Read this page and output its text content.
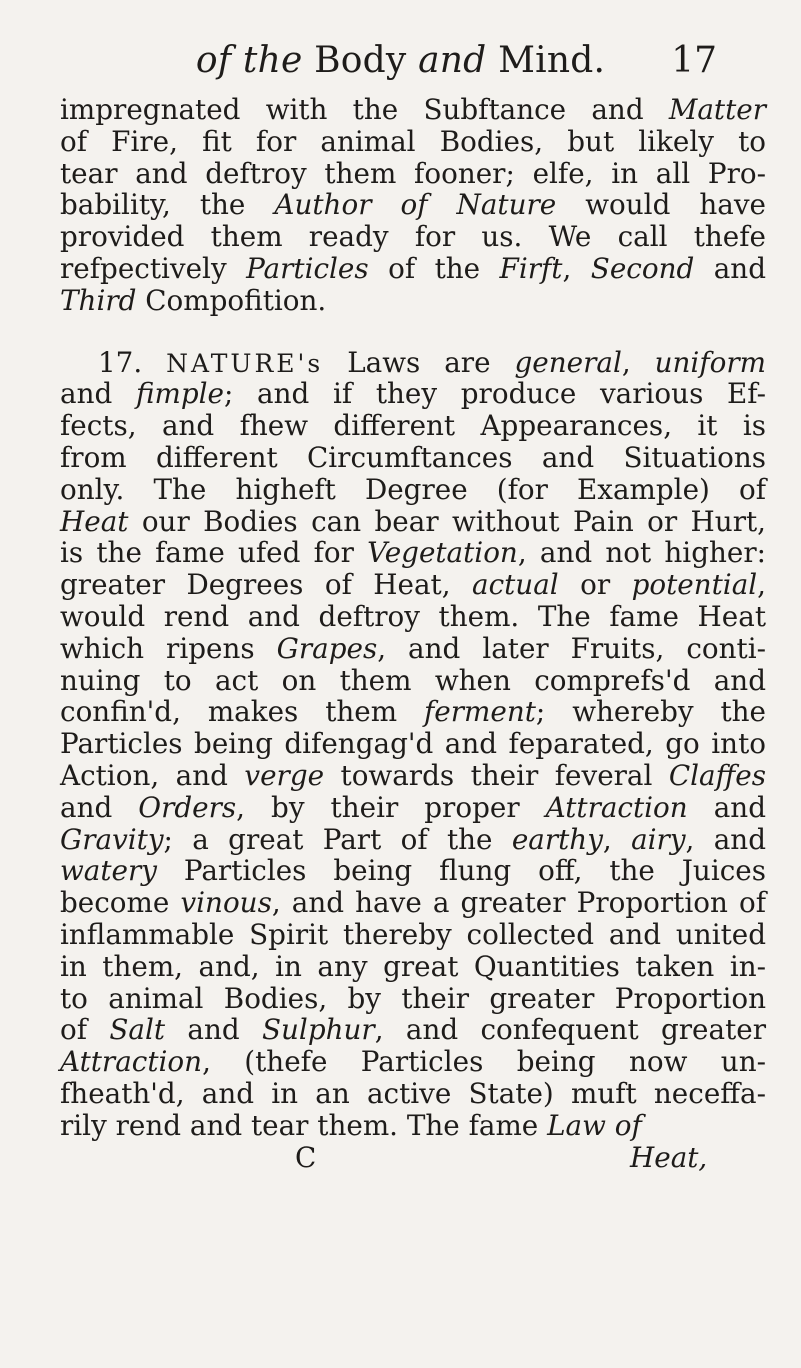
of the Body and Mind.	17
impregnated with the Subftance and Matter
of Fire, fit for animal Bodies, but likely to
tear and deftroy them fooner; elfe, in all Pro-
bability, the Author of Nature would have
provided them ready for us. We call thefe
refpectively Particles of the Firft, Second and
Third Compofition.
17. NATURE's Laws are general, uniform
and fimple; and if they produce various Ef-
fects, and fhew different Appearances, it is
from different Circumftances and Situations
only. The higheft Degree (for Example) of
Heat our Bodies can bear without Pain or Hurt,
is the fame ufed for Vegetation, and not higher:
greater Degrees of Heat, actual or potential,
would rend and deftroy them. The fame Heat
which ripens Grapes, and later Fruits, conti-
nuing to act on them when comprefs'd and
confin'd, makes them ferment; whereby the
Particles being difengag'd and feparated, go into
Action, and verge towards their feveral Claffes
and Orders, by their proper Attraction and
Gravity; a great Part of the earthy, airy, and
watery Particles being flung off, the Juices
become vinous, and have a greater Proportion of
inflammable Spirit thereby collected and united
in them, and, in any great Quantities taken in-
to animal Bodies, by their greater Proportion
of Salt and Sulphur, and confequent greater
Attraction, (thefe Particles being now un-
fheath'd, and in an active State) muft neceffa-
rily rend and tear them. The fame Law of
C	Heat,
